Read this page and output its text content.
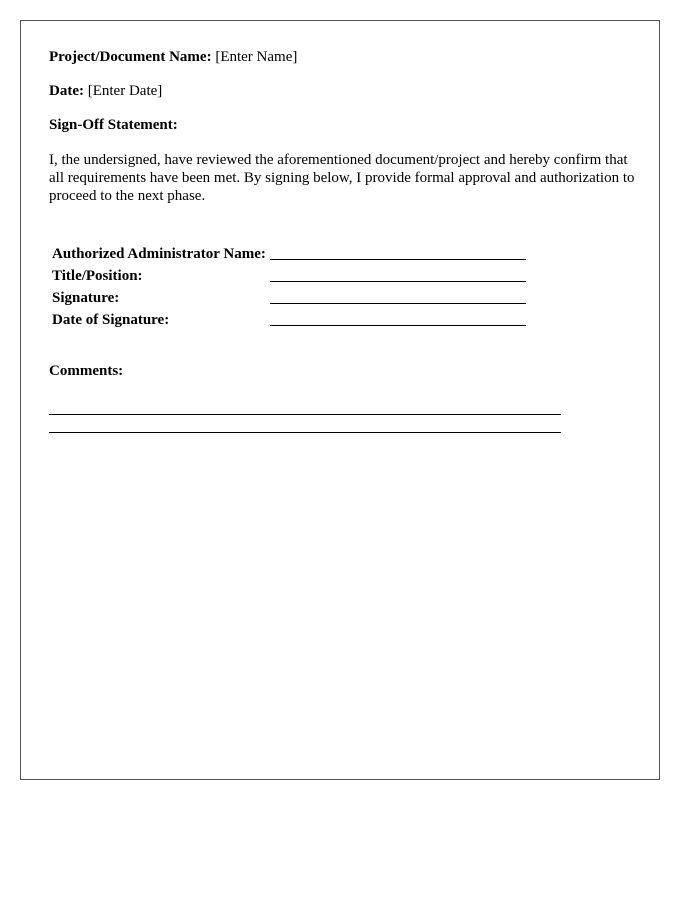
Project/Document Name: [Enter Name]
Date: [Enter Date]
Sign-Off Statement:
I, the undersigned, have reviewed the aforementioned document/project and hereby confirm that all requirements have been met. By signing below, I provide formal approval and authorization to proceed to the next phase.
Authorized Administrator Name:	

Title/Position:	

Signature:	

Date of Signature:	
Comments:
